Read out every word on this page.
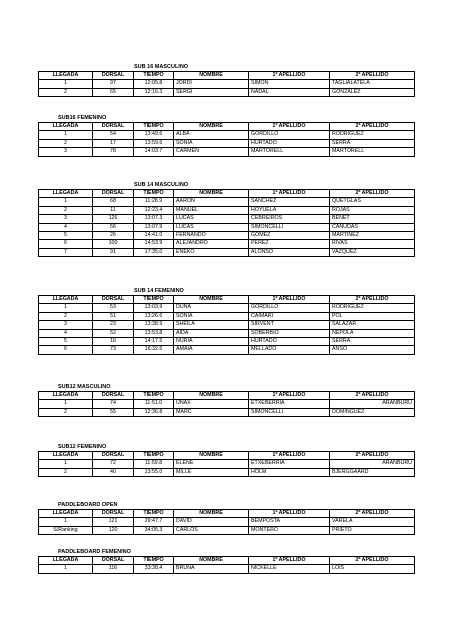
SUB 16 MASCULINO
LLEGADA	DORSAL	TIEMPO	NOMBRE	1º APELLIDO	2º APELLIDO
1	97	12:05.8	JORDI	SIMON	TAGLIALATELA
2	65	12:16.3	SERGI	NADAL	GONZALEZ
SUB16 FEMENINO
LLEGADA	DORSAL	TIEMPO	NOMBRE	1º APELLIDO	2º APELLIDO
1	54	13:49.6	ALBA	GORDILLO	RODRIGUEZ
2	17	13:59.6	SONIA	HURTADO	SERRA
3	78	14:03.7	CARMEN	MARTORELL	MARTORELL
SUB 14 MASCULINO
LLEGADA	DORSAL	TIEMPO	NOMBRE	1º APELLIDO	2º APELLIDO
1	68	11:28.9	AARON	SANCHEZ	QUETGLAS
2	11	12:23.4	MANUEL	HOYUELA	ROJAS
3	126	13:07.3	LUCAS	CEBREIROS	BENET
4	56	13:07.9	LUCAS	SIMONCELLI	CANUDAS
5	26	14:41.0	FERNANDO	GOMEZ	MARTINEZ
6	100	14:53.9	ALEJANDRO	PÉREZ	RIVAS
7	91	17:35.0	ENEKO	ALONSO	VAZQUEZ
SUB 14 FEMENINO
LLEGADA	DORSAL	TIEMPO	NOMBRE	1º APELLIDO	2º APELLIDO
1	53	13:03.9	DUNA	GORDILLO	RODRIGUEZ
2	51	13:26.6	SONIA	CAIMARI	POL
3	23	13:38.9	SHEILA	SIRVENT	SALAZAR
4	52	13:53.8	AIDA	SOBERBIO	NEPOLA
5	16	14:17.5	NURIA	HURTADO	SERRA
6	73	16:32.5	AMAIA	MELLADO	ANSO
SUB12 MASCULINO
LLEGADA	DORSAL	TIEMPO	NOMBRE	1º APELLIDO	2º APELLIDO
1	74	11:51.0	UNAX	ETXEBERRIA	ARANBURU
2	55	12:36.8	MARC	SIMONCELLI	DOMINGUEZ
SUB12 FEMENINO
LLEGADA	DORSAL	TIEMPO	NOMBRE	1º APELLIDO	2º APELLIDO
1	72	11:59.8	ELENE	ETXEBERRIA	ARANBURU
2	40	13:55.0	MILLE	HOLM	BJERGGAARD
PADDLEBOARD OPEN
LLEGADA	DORSAL	TIEMPO	NOMBRE	1º APELLIDO	2º APELLIDO
1	121	29:47.7	DAVID	BEMPOSTA	VARELA
S/Ranking	120	34:05.3	CARLOS	MONTERO	PRIETO
PADDLEBOARD FEMENINO
LLEGADA	DORSAL	TIEMPO	NOMBRE	1º APELLIDO	2º APELLIDO
1	116	33:38.4	BRUNA	NICKELLE	LOIS
